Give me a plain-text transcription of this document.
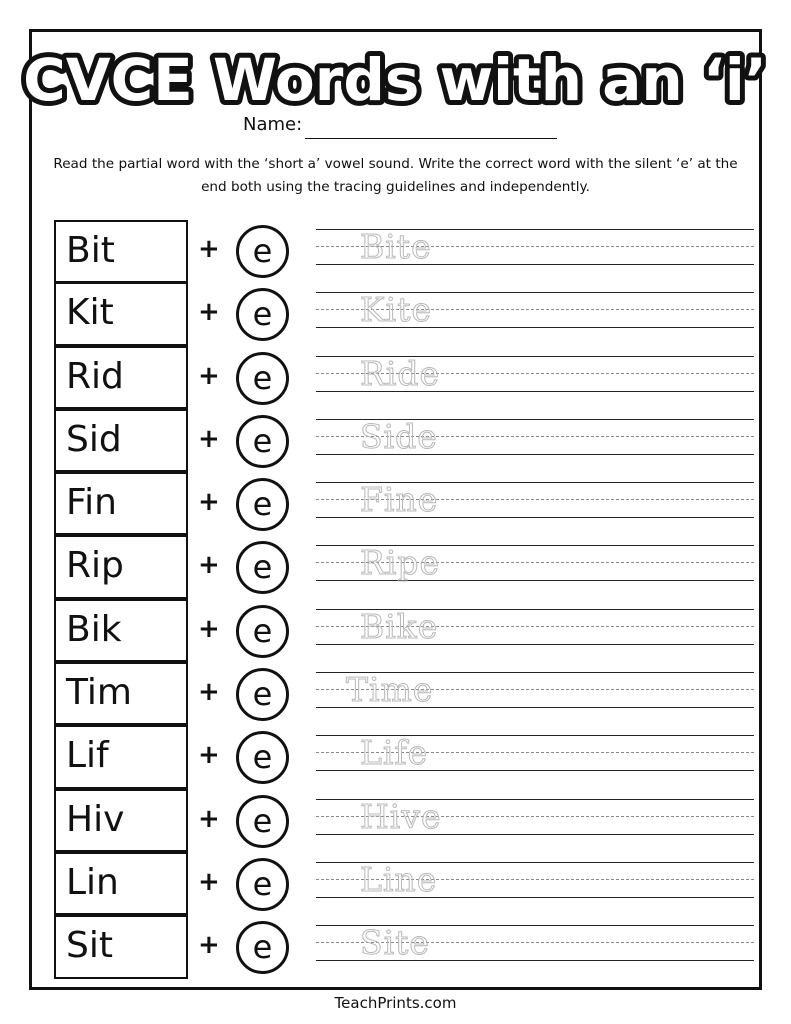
CVCE Words with an ‘i’
Name:

Read the partial word with the ‘short a’ vowel sound. Write the correct word with the silent ‘e’ at the end both using the tracing guidelines and independently.

Bit	+	e	Bite
Kit	+	e	Kite
Rid	+	e	Ride
Sid	+	e	Side
Fin	+	e	Fine
Rip	+	e	Ripe
Bik	+	e	Bike
Tim	+	e	Time
Lif	+	e	Life
Hiv	+	e	Hive
Lin	+	e	Line
Sit	+	e	Site
TeachPrints.com
